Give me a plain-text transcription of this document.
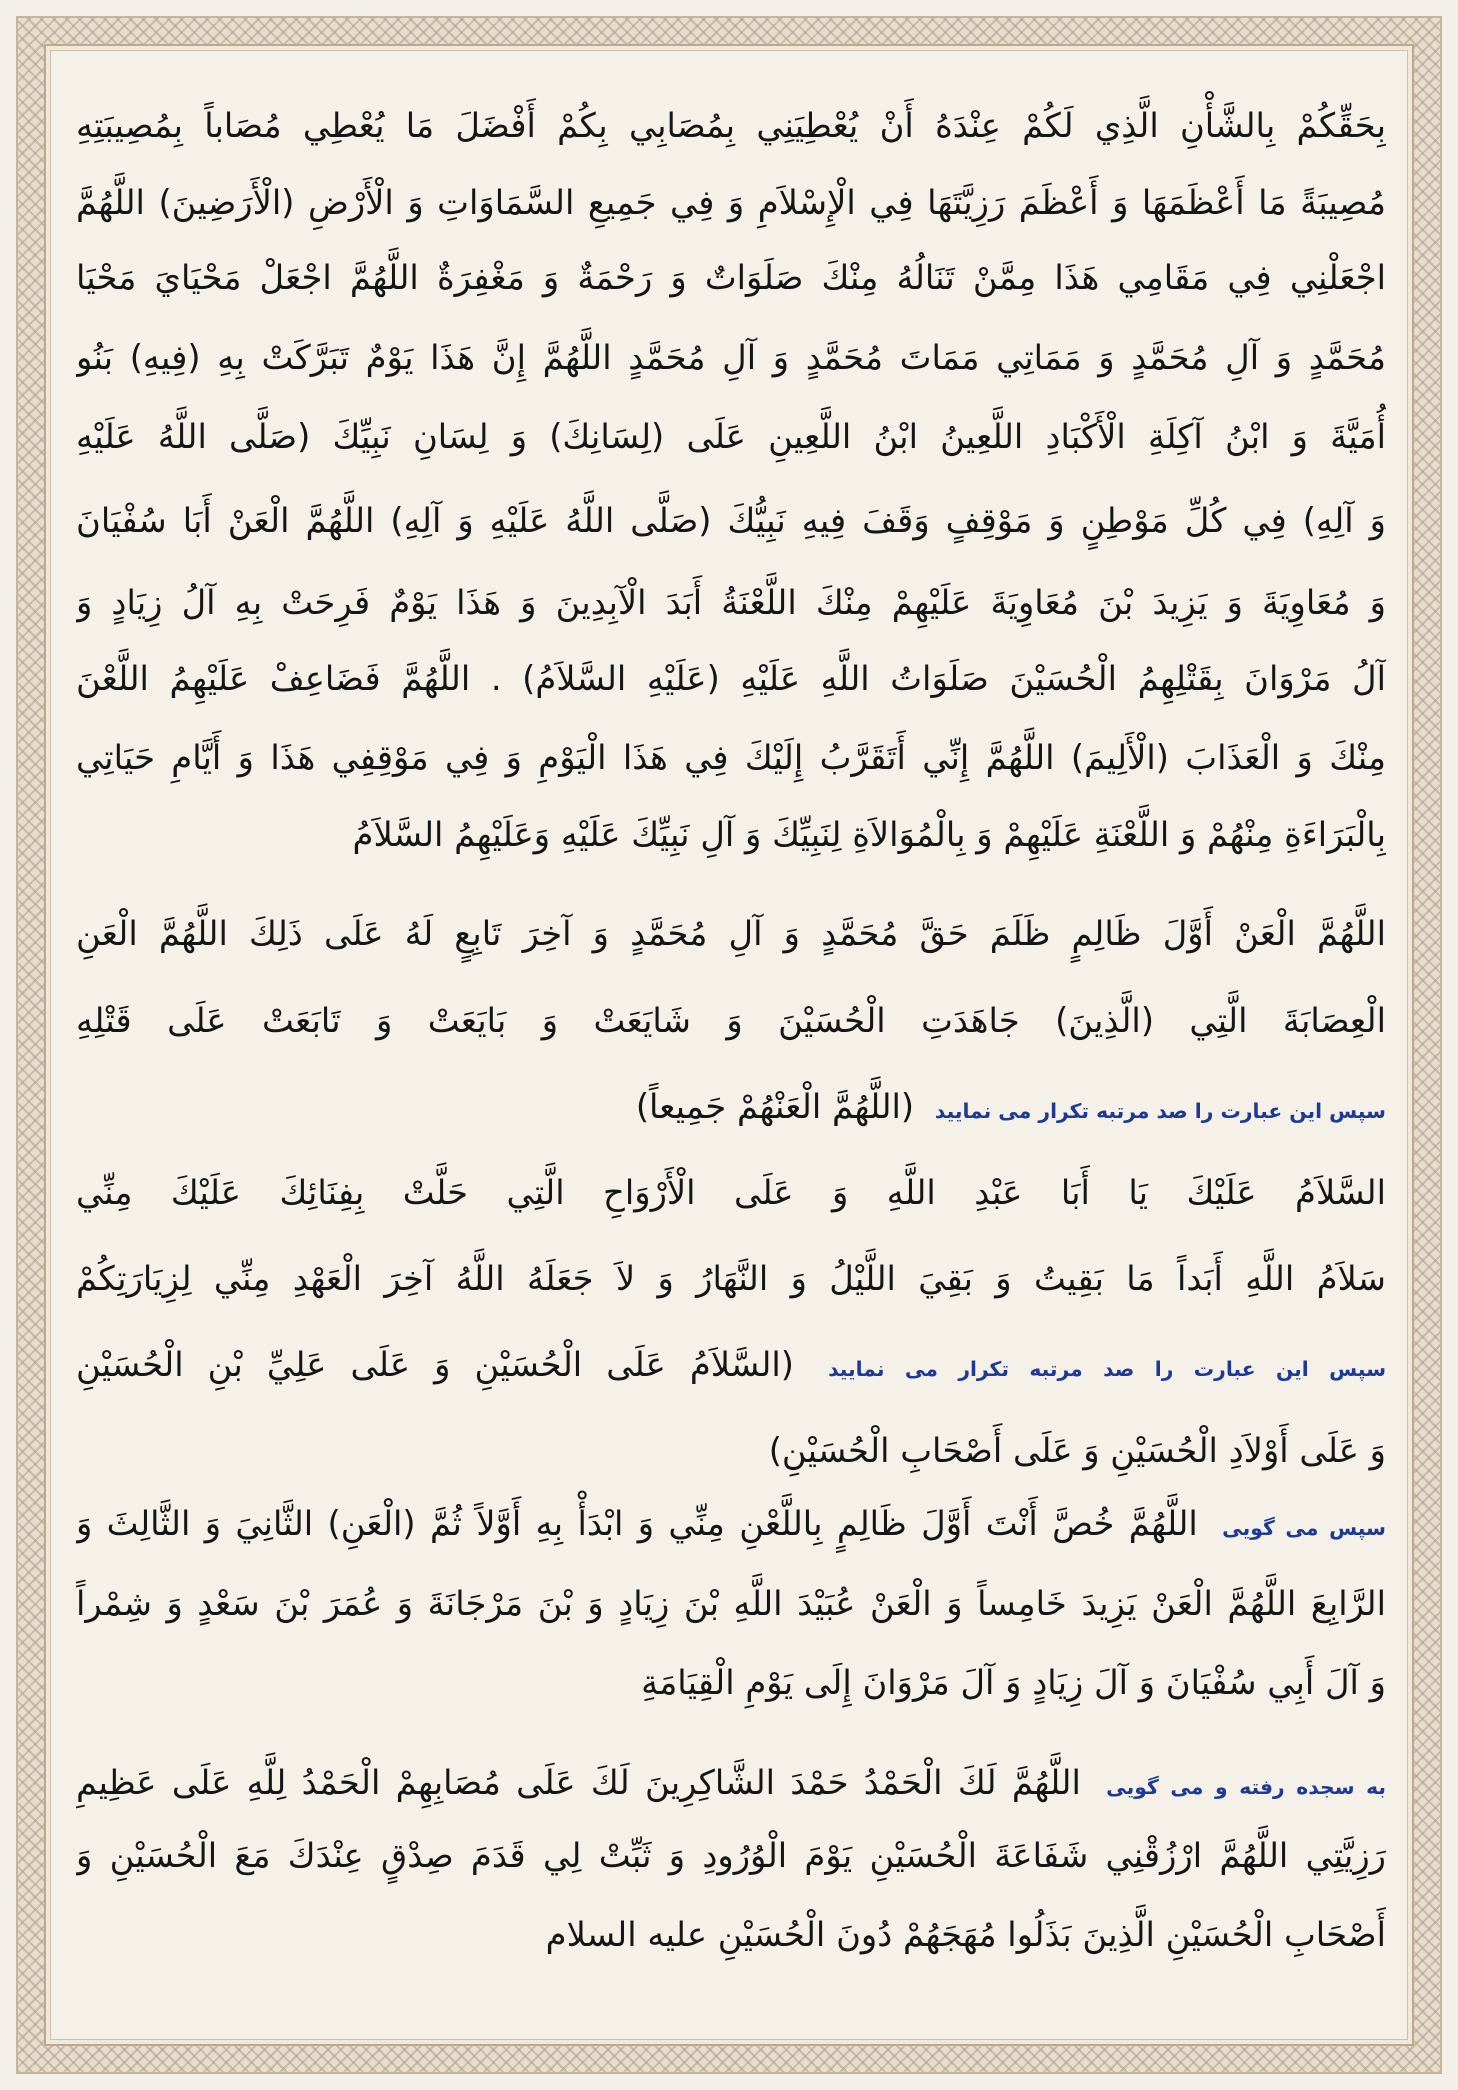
بِحَقِّكُمْ بِالشَّأْنِ الَّذِي لَكُمْ عِنْدَهُ أَنْ يُعْطِيَنِي بِمُصَابِي بِكُمْ أَفْضَلَ مَا يُعْطِي مُصَاباً بِمُصِيبَتِهِ
مُصِيبَةً مَا أَعْظَمَهَا وَ أَعْظَمَ رَزِيَّتَهَا فِي الْإِسْلاَمِ وَ فِي جَمِيعِ السَّمَاوَاتِ وَ الْأَرْضِ (الْأَرَضِينَ) اللَّهُمَّ
اجْعَلْنِي فِي مَقَامِي هَذَا مِمَّنْ تَنَالُهُ مِنْكَ صَلَوَاتٌ وَ رَحْمَةٌ وَ مَغْفِرَةٌ اللَّهُمَّ اجْعَلْ مَحْيَايَ مَحْيَا
مُحَمَّدٍ وَ آلِ مُحَمَّدٍ وَ مَمَاتِي مَمَاتَ مُحَمَّدٍ وَ آلِ مُحَمَّدٍ اللَّهُمَّ إِنَّ هَذَا يَوْمٌ تَبَرَّكَتْ بِهِ (فِيهِ) بَنُو
أُمَيَّةَ وَ ابْنُ آكِلَةِ الْأَكْبَادِ اللَّعِينُ ابْنُ اللَّعِينِ عَلَى (لِسَانِكَ) وَ لِسَانِ نَبِيِّكَ (صَلَّى اللَّهُ عَلَيْهِ
وَ آلِهِ) فِي كُلِّ مَوْطِنٍ وَ مَوْقِفٍ وَقَفَ فِيهِ نَبِيُّكَ (صَلَّى اللَّهُ عَلَيْهِ وَ آلِهِ) اللَّهُمَّ الْعَنْ أَبَا سُفْيَانَ
وَ مُعَاوِيَةَ وَ يَزِيدَ بْنَ مُعَاوِيَةَ عَلَيْهِمْ مِنْكَ اللَّعْنَةُ أَبَدَ الْآبِدِينَ وَ هَذَا يَوْمٌ فَرِحَتْ بِهِ آلُ زِيَادٍ وَ
آلُ مَرْوَانَ بِقَتْلِهِمُ الْحُسَيْنَ صَلَوَاتُ اللَّهِ عَلَيْهِ (عَلَيْهِ السَّلاَمُ) . اللَّهُمَّ فَضَاعِفْ عَلَيْهِمُ اللَّعْنَ
مِنْكَ وَ الْعَذَابَ (الْأَلِيمَ) اللَّهُمَّ إِنِّي أَتَقَرَّبُ إِلَيْكَ فِي هَذَا الْيَوْمِ وَ فِي مَوْقِفِي هَذَا وَ أَيَّامِ حَيَاتِي
بِالْبَرَاءَةِ مِنْهُمْ وَ اللَّعْنَةِ عَلَيْهِمْ وَ بِالْمُوَالاَةِ لِنَبِيِّكَ وَ آلِ نَبِيِّكَ عَلَيْهِ وَعَلَيْهِمُ السَّلاَمُ
اللَّهُمَّ الْعَنْ أَوَّلَ ظَالِمٍ ظَلَمَ حَقَّ مُحَمَّدٍ وَ آلِ مُحَمَّدٍ وَ آخِرَ تَابِعٍ لَهُ عَلَى ذَلِكَ اللَّهُمَّ الْعَنِ
الْعِصَابَةَ الَّتِي (الَّذِينَ) جَاهَدَتِ الْحُسَيْنَ وَ شَايَعَتْ وَ بَايَعَتْ وَ تَابَعَتْ عَلَى قَتْلِهِ
سپس این عبارت را صد مرتبه تکرار می نمایید (اللَّهُمَّ الْعَنْهُمْ جَمِيعاً)
السَّلاَمُ عَلَيْكَ يَا أَبَا عَبْدِ اللَّهِ وَ عَلَى الْأَرْوَاحِ الَّتِي حَلَّتْ بِفِنَائِكَ عَلَيْكَ مِنِّي
سَلاَمُ اللَّهِ أَبَداً مَا بَقِيتُ وَ بَقِيَ اللَّيْلُ وَ النَّهَارُ وَ لاَ جَعَلَهُ اللَّهُ آخِرَ الْعَهْدِ مِنِّي لِزِيَارَتِكُمْ
سپس این عبارت را صد مرتبه تکرار می نمایید (السَّلاَمُ عَلَى الْحُسَيْنِ وَ عَلَى عَلِيِّ بْنِ الْحُسَيْنِ
وَ عَلَى أَوْلاَدِ الْحُسَيْنِ وَ عَلَى أَصْحَابِ الْحُسَيْنِ)
سپس می گویی اللَّهُمَّ خُصَّ أَنْتَ أَوَّلَ ظَالِمٍ بِاللَّعْنِ مِنِّي وَ ابْدَأْ بِهِ أَوَّلاً ثُمَّ (الْعَنِ) الثَّانِيَ وَ الثَّالِثَ وَ
الرَّابِعَ اللَّهُمَّ الْعَنْ يَزِيدَ خَامِساً وَ الْعَنْ عُبَيْدَ اللَّهِ بْنَ زِيَادٍ وَ بْنَ مَرْجَانَةَ وَ عُمَرَ بْنَ سَعْدٍ وَ شِمْراً
وَ آلَ أَبِي سُفْيَانَ وَ آلَ زِيَادٍ وَ آلَ مَرْوَانَ إِلَى يَوْمِ الْقِيَامَةِ
به سجده رفته و می گویی اللَّهُمَّ لَكَ الْحَمْدُ حَمْدَ الشَّاكِرِينَ لَكَ عَلَى مُصَابِهِمْ الْحَمْدُ لِلَّهِ عَلَى عَظِيمِ
رَزِيَّتِي اللَّهُمَّ ارْزُقْنِي شَفَاعَةَ الْحُسَيْنِ يَوْمَ الْوُرُودِ وَ ثَبِّتْ لِي قَدَمَ صِدْقٍ عِنْدَكَ مَعَ الْحُسَيْنِ وَ
أَصْحَابِ الْحُسَيْنِ الَّذِينَ بَذَلُوا مُهَجَهُمْ دُونَ الْحُسَيْنِ عليه السلام
